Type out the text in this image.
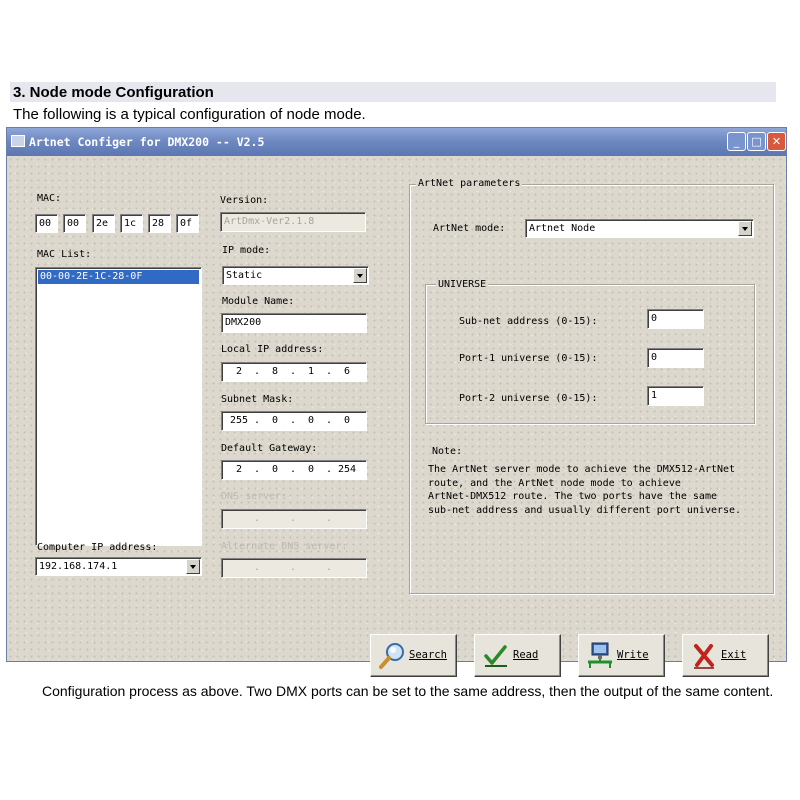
3. Node mode Configuration
The following is a typical configuration of node mode.
Artnet Configer for DMX200 -- V2.5	_	□ ✕
MAC:
00	00	2e	1c	28	0f
MAC List:
00-00-2E-1C-28-0F
Computer IP address:
192.168.174.1
Version:
ArtDmx-Ver2.1.8
IP mode:
Static
Module Name:
DMX200
Local IP address:
2	.	8	.	1	.	6
Subnet Mask:
255 .	0	.	0	.	0
Default Gateway:
2	.	0	.	0	. 254
DNS server:
.	.	.
Alternate DNS server:
.	.	.
ArtNet parameters
ArtNet mode: Artnet Node
UNIVERSE
Sub-net address (0-15):	0
Port-1 universe (0-15):	0
Port-2 universe (0-15):	1
Note:
The ArtNet server mode to achieve the DMX512-ArtNet
route, and the ArtNet node mode to achieve
ArtNet-DMX512 route. The two ports have the same
sub-net address and usually different port universe.
Search	Read	Write	Exit
Configuration process as above. Two DMX ports can be set to the same address, then the output of the same content.
